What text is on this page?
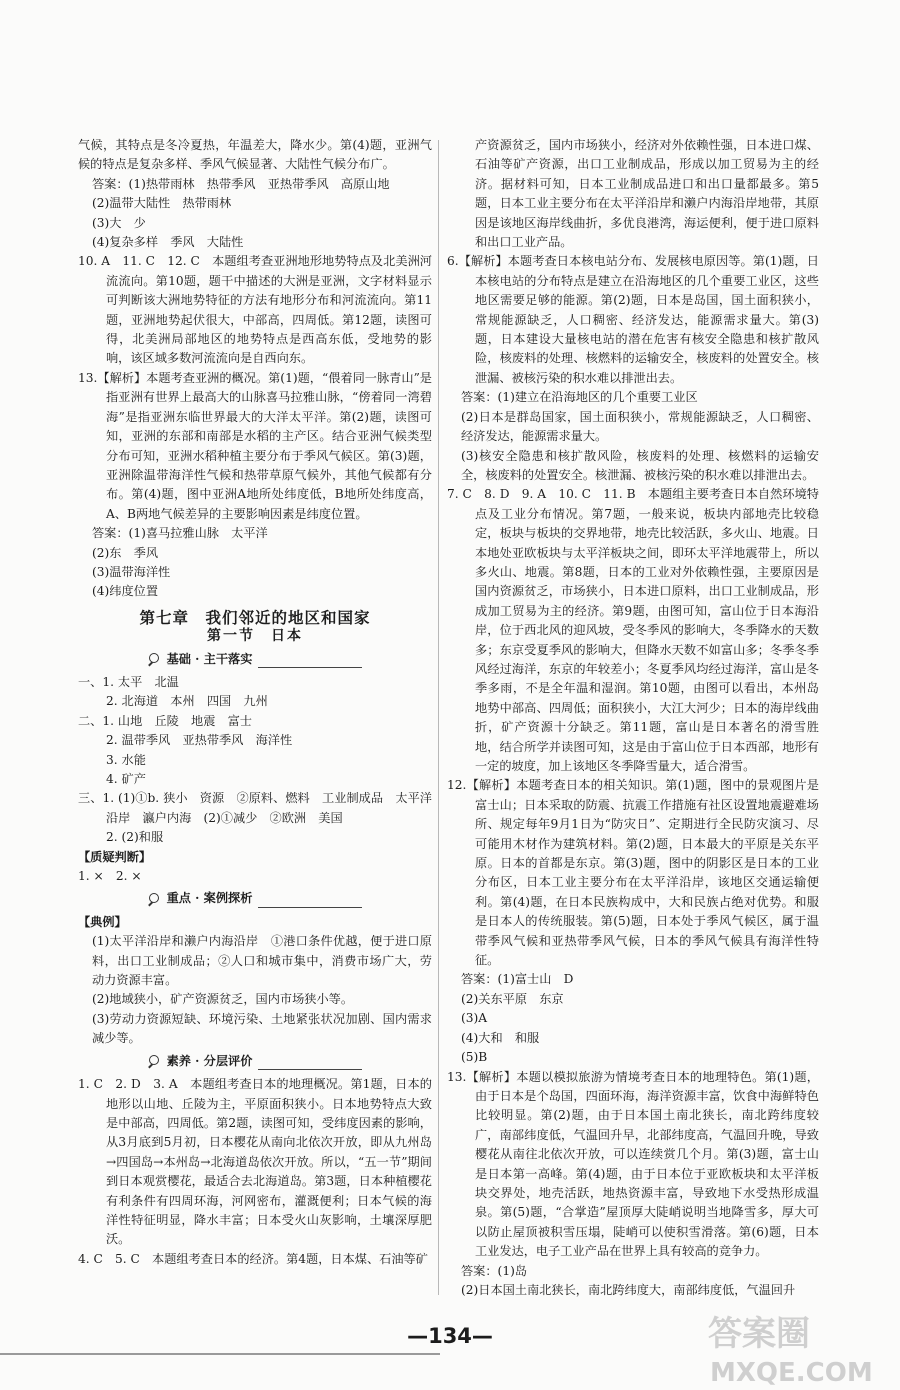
气候，其特点是冬冷夏热，年温差大，降水少。第(4)题，亚洲气候的特点是复杂多样、季风气候显著、大陆性气候分布广。

答案：(1)热带雨林　热带季风　亚热带季风　高原山地

(2)温带大陆性　热带雨林

(3)大　少

(4)复杂多样　季风　大陆性

10. A　11. C　12. C　本题组考查亚洲地形地势特点及北美洲河流流向。第10题，题干中描述的大洲是亚洲，文字材料显示可判断该大洲地势特征的方法有地形分布和河流流向。第11题，亚洲地势起伏很大，中部高，四周低。第12题，读图可得，北美洲局部地区的地势特点是西高东低，受地势的影响，该区域多数河流流向是自西向东。

13.【解析】本题考查亚洲的概况。第(1)题，“偎着同一脉青山”是指亚洲有世界上最高大的山脉喜马拉雅山脉，“傍着同一湾碧海”是指亚洲东临世界最大的大洋太平洋。第(2)题，读图可知，亚洲的东部和南部是水稻的主产区。结合亚洲气候类型分布可知，亚洲水稻种植主要分布于季风气候区。第(3)题，亚洲除温带海洋性气候和热带草原气候外，其他气候都有分布。第(4)题，图中亚洲A地所处纬度低，B地所处纬度高，A、B两地气候差异的主要影响因素是纬度位置。

答案：(1)喜马拉雅山脉　太平洋

(2)东　季风

(3)温带海洋性

(4)纬度位置

第七章　我们邻近的地区和国家
第一节　日本
基础 · 主干落实

一、1. 太平　北温

2. 北海道　本州　四国　九州

二、1. 山地　丘陵　地震　富士

2. 温带季风　亚热带季风　海洋性

3. 水能

4. 矿产

三、1. (1)①b. 狭小　资源　②原料、燃料　工业制成品　太平洋沿岸　瀛户内海　(2)①减少　②欧洲　美国

2. (2)和服

【质疑判断】

1. ×　2. ×

重点 · 案例探析

【典例】

(1)太平洋沿岸和濑户内海沿岸　①港口条件优越，便于进口原料，出口工业制成品；②人口和城市集中，消费市场广大，劳动力资源丰富。

(2)地域狭小，矿产资源贫乏，国内市场狭小等。

(3)劳动力资源短缺、环境污染、土地紧张状况加剧、国内需求减少等。

素养 · 分层评价

1. C　2. D　3. A　本题组考查日本的地理概况。第1题，日本的地形以山地、丘陵为主，平原面积狭小。日本地势特点大致是中部高，四周低。第2题，读图可知，受纬度因素的影响，从3月底到5月初，日本樱花从南向北依次开放，即从九州岛→四国岛→本州岛→北海道岛依次开放。所以，“五一节”期间到日本观赏樱花，最适合去北海道岛。第3题，日本种植樱花有利条件有四周环海，河网密布，灌溉便利；日本气候的海洋性特征明显，降水丰富；日本受火山灰影响，土壤深厚肥沃。

4. C　5. C　本题组考查日本的经济。第4题，日本煤、石油等矿

产资源贫乏，国内市场狭小，经济对外依赖性强，日本进口煤、石油等矿产资源，出口工业制成品，形成以加工贸易为主的经济。据材料可知，日本工业制成品进口和出口量都最多。第5题，日本工业主要分布在太平洋沿岸和濑户内海沿岸地带，其原因是该地区海岸线曲折，多优良港湾，海运便利，便于进口原料和出口工业产品。

6.【解析】本题考查日本核电站分布、发展核电原因等。第(1)题，日本核电站的分布特点是建立在沿海地区的几个重要工业区，这些地区需要足够的能源。第(2)题，日本是岛国，国土面积狭小，常规能源缺乏，人口稠密、经济发达，能源需求量大。第(3)题，日本建设大量核电站的潜在危害有核安全隐患和核扩散风险，核废料的处理、核燃料的运输安全，核废料的处置安全。核泄漏、被核污染的积水难以排泄出去。

答案：(1)建立在沿海地区的几个重要工业区

(2)日本是群岛国家，国土面积狭小，常规能源缺乏，人口稠密、经济发达，能源需求量大。

(3)核安全隐患和核扩散风险，核废料的处理、核燃料的运输安全，核废料的处置安全。核泄漏、被核污染的积水难以排泄出去。

7. C　8. D　9. A　10. C　11. B　本题组主要考查日本自然环境特点及工业分布情况。第7题，一般来说，板块内部地壳比较稳定，板块与板块的交界地带，地壳比较活跃，多火山、地震。日本地处亚欧板块与太平洋板块之间，即环太平洋地震带上，所以多火山、地震。第8题，日本的工业对外依赖性强，主要原因是国内资源贫乏，市场狭小，日本进口原料，出口工业制成品，形成加工贸易为主的经济。第9题，由图可知，富山位于日本海沿岸，位于西北风的迎风坡，受冬季风的影响大，冬季降水的天数多；东京受夏季风的影响大，但降水天数不如富山多；冬季冬季风经过海洋，东京的年较差小；冬夏季风均经过海洋，富山是冬季多雨，不是全年温和湿润。第10题，由图可以看出，本州岛地势中部高、四周低；面积狭小，大江大河少；日本的海岸线曲折，矿产资源十分缺乏。第11题，富山是日本著名的滑雪胜地，结合所学并读图可知，这是由于富山位于日本西部，地形有一定的坡度，加上该地区冬季降雪量大，适合滑雪。

12.【解析】本题考查日本的相关知识。第(1)题，图中的景观图片是富士山；日本采取的防震、抗震工作措施有社区设置地震避难场所、规定每年9月1日为“防灾日”、定期进行全民防灾演习、尽可能用木材作为建筑材料。第(2)题，日本最大的平原是关东平原。日本的首都是东京。第(3)题，图中的阴影区是日本的工业分布区，日本工业主要分布在太平洋沿岸，该地区交通运输便利。第(4)题，在日本民族构成中，大和民族占绝对优势。和服是日本人的传统服装。第(5)题，日本处于季风气候区，属于温带季风气候和亚热带季风气候，日本的季风气候具有海洋性特征。

答案：(1)富士山　D

(2)关东平原　东京

(3)A

(4)大和　和服

(5)B

13.【解析】本题以模拟旅游为情境考查日本的地理特色。第(1)题，由于日本是个岛国，四面环海，海洋资源丰富，饮食中海鲜特色比较明显。第(2)题，由于日本国土南北狭长，南北跨纬度较广，南部纬度低，气温回升早，北部纬度高，气温回升晚，导致樱花从南往北依次开放，可以连续赏几个月。第(3)题，富士山是日本第一高峰。第(4)题，由于日本位于亚欧板块和太平洋板块交界处，地壳活跃，地热资源丰富，导致地下水受热形成温泉。第(5)题，“合掌造”屋顶厚大陡峭说明当地降雪多，厚大可以防止屋顶被积雪压塌，陡峭可以使积雪滑落。第(6)题，日本工业发达，电子工业产品在世界上具有较高的竞争力。

答案：(1)岛

(2)日本国土南北狭长，南北跨纬度大，南部纬度低，气温回升

—134—	答案圈
MXQE.COM
